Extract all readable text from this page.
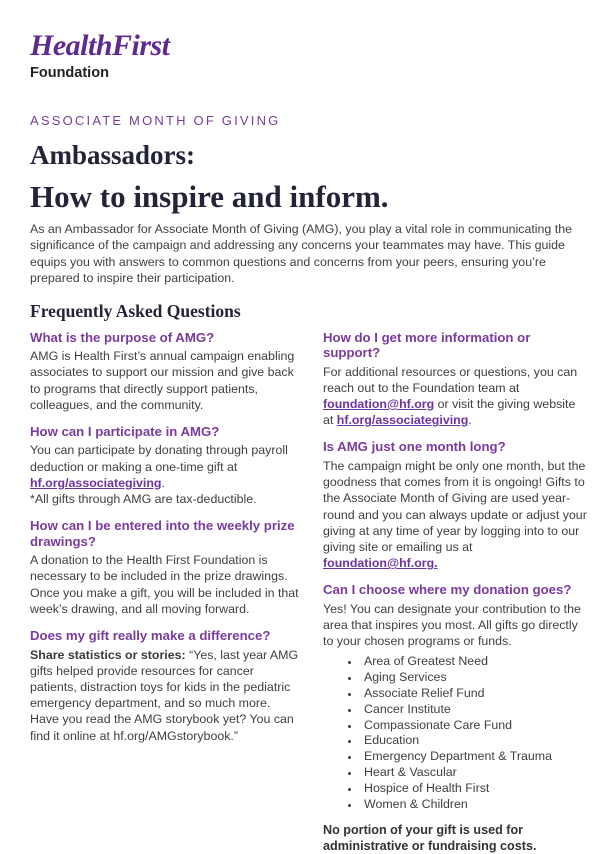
HealthFirst
Foundation
ASSOCIATE MONTH OF GIVING
Ambassadors:
How to inspire and inform.

As an Ambassador for Associate Month of Giving (AMG), you play a vital role in communicating the significance of the campaign and addressing any concerns your teammates may have. This guide equips you with answers to common questions and concerns from your peers, ensuring you’re prepared to inspire their participation.

Frequently Asked Questions
What is the purpose of AMG?

AMG is Health First’s annual campaign enabling associates to support our mission and give back to programs that directly support patients, colleagues, and the community.

How can I participate in AMG?

You can participate by donating through payroll deduction or making a one-time gift at hf.org/associategiving.

*All gifts through AMG are tax-deductible.

How can I be entered into the weekly prize drawings?

A donation to the Health First Foundation is necessary to be included in the prize drawings. Once you make a gift, you will be included in that week’s drawing, and all moving forward.

Does my gift really make a difference?

Share statistics or stories: “Yes, last year AMG gifts helped provide resources for cancer patients, distraction toys for kids in the pediatric emergency department, and so much more. Have you read the AMG storybook yet? You can find it online at hf.org/AMGstorybook.”

How do I get more information or support?

For additional resources or questions, you can reach out to the Foundation team at foundation@hf.org or visit the giving website at hf.org/associategiving.

Is AMG just one month long?

The campaign might be only one month, but the goodness that comes from it is ongoing! Gifts to the Associate Month of Giving are used year-round and you can always update or adjust your giving at any time of year by logging into to our giving site or emailing us at foundation@hf.org.

Can I choose where my donation goes?

Yes! You can designate your contribution to the area that inspires you most. All gifts go directly to your chosen programs or funds.

• Area of Greatest Need
• Aging Services
• Associate Relief Fund
• Cancer Institute
• Compassionate Care Fund
• Education
• Emergency Department & Trauma
• Heart & Vascular
• Hospice of Health First
• Women & Children

No portion of your gift is used for administrative or fundraising costs.
